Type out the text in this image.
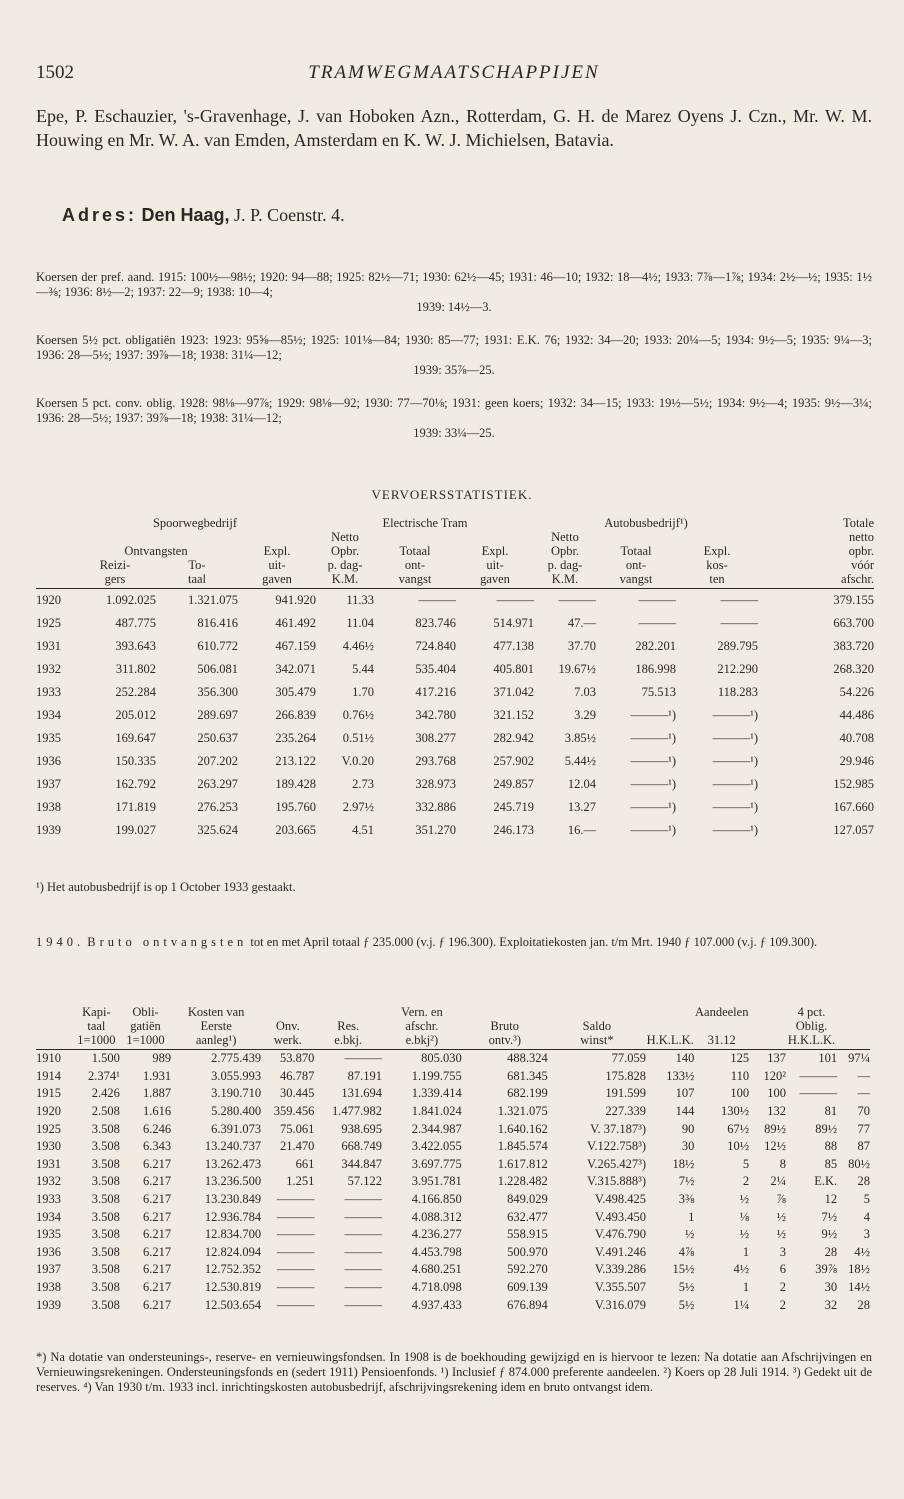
1502	TRAMWEGMAATSCHAPPIJEN
Epe, P. Eschauzier, 's-Gravenhage, J. van Hoboken Azn., Rotterdam, G. H. de Marez Oyens J. Czn., Mr. W. M. Houwing en Mr. W. A. van Emden, Amsterdam en K. W. J. Michielsen, Batavia.
Adres: Den Haag, J. P. Coenstr. 4.
Koersen der pref. aand. 1915: 100½—98½; 1920: 94—88; 1925: 82½—71; 1930: 62½—45; 1931: 46—10; 1932: 18—4½; 1933: 7⅞—1⅞; 1934: 2½—½; 1935: 1½—⅜; 1936: 8½—2; 1937: 22—9; 1938: 10—4;
1939: 14½—3.
Koersen 5½ pct. obligatiën 1923: 1923: 95⅝—85½; 1925: 101⅛—84; 1930: 85—77; 1931: E.K. 76; 1932: 34—20; 1933: 20¼—5; 1934: 9½—5; 1935: 9¼—3; 1936: 28—5½; 1937: 39⅞—18; 1938: 31¼—12;
1939: 35⅞—25.
Koersen 5 pct. conv. oblig. 1928: 98⅛—97⅞; 1929: 98⅛—92; 1930: 77—70⅛; 1931: geen koers; 1932: 34—15; 1933: 19½—5½; 1934: 9½—4; 1935: 9½—3¼; 1936: 28—5½; 1937: 39⅞—18; 1938: 31¼—12;
1939: 33¼—25.
VERVOERSSTATISTIEK.
	Spoorwegbedrijf			Electrische Tram			Autobusbedrijf¹)			Totale
				Netto			Netto			netto
	Ontvangsten		Expl.	Opbr.	Totaal	Expl.	Opbr.	Totaal	Expl.	opbr.
	Reizi-	To-	uit-	p. dag-	ont-	uit-	p. dag-	ont-	kos-	vóór
	gers	taal	gaven	K.M.	vangst	gaven	K.M.	vangst	ten	afschr.
1920	1.092.025	1.321.075	941.920	11.33	———	———	———	———	———	379.155
1925	487.775	816.416	461.492	11.04	823.746	514.971	47.—	———	———	663.700
1931	393.643	610.772	467.159	4.46½	724.840	477.138	37.70	282.201	289.795	383.720
1932	311.802	506.081	342.071	5.44	535.404	405.801	19.67½	186.998	212.290	268.320
1933	252.284	356.300	305.479	1.70	417.216	371.042	7.03	75.513	118.283	54.226
1934	205.012	289.697	266.839	0.76½	342.780	321.152	3.29	———¹)	———¹)	44.486
1935	169.647	250.637	235.264	0.51½	308.277	282.942	3.85½	———¹)	———¹)	40.708
1936	150.335	207.202	213.122	V.0.20	293.768	257.902	5.44½	———¹)	———¹)	29.946
1937	162.792	263.297	189.428	2.73	328.973	249.857	12.04	———¹)	———¹)	152.985
1938	171.819	276.253	195.760	2.97½	332.886	245.719	13.27	———¹)	———¹)	167.660
1939	199.027	325.624	203.665	4.51	351.270	246.173	16.—	———¹)	———¹)	127.057
¹) Het autobusbedrijf is op 1 October 1933 gestaakt.
1940. Bruto ontvangsten tot en met April totaal ƒ 235.000 (v.j. ƒ 196.300). Exploitatiekosten jan. t/m Mrt. 1940 ƒ 107.000 (v.j. ƒ 109.300).
	Kapi-	Obli-	Kosten van			Vern. en				Aandeelen		4 pct.	
	taal	gatiën	Eerste	Onv.	Res.	afschr.	Bruto	Saldo				Oblig.	
	1=1000	1=1000	aanleg¹)	werk.	e.bkj.	e.bkj²)	ontv.³)	winst*	H.K.L.K.	31.12		H.K.L.K.	
1910	1.500	989	2.775.439	53.870	———	805.030	488.324	77.059	140	125	137	101	97¼
1914	2.374¹	1.931	3.055.993	46.787	87.191	1.199.755	681.345	175.828	133½	110	120²	———	—
1915	2.426	1.887	3.190.710	30.445	131.694	1.339.414	682.199	191.599	107	100	100	———	—
1920	2.508	1.616	5.280.400	359.456	1.477.982	1.841.024	1.321.075	227.339	144	130½	132	81	70
1925	3.508	6.246	6.391.073	75.061	938.695	2.344.987	1.640.162	V. 37.187³)	90	67½	89½	89½	77
1930	3.508	6.343	13.240.737	21.470	668.749	3.422.055	1.845.574	V.122.758³)	30	10½	12½	88	87
1931	3.508	6.217	13.262.473	661	344.847	3.697.775	1.617.812	V.265.427³)	18½	5	8	85	80½
1932	3.508	6.217	13.236.500	1.251	57.122	3.951.781	1.228.482	V.315.888³)	7½	2	2¼	E.K.	28
1933	3.508	6.217	13.230.849	———	———	4.166.850	849.029	V.498.425	3⅜	½	⅞	12	5
1934	3.508	6.217	12.936.784	———	———	4.088.312	632.477	V.493.450	1	⅛	½	7½	4
1935	3.508	6.217	12.834.700	———	———	4.236.277	558.915	V.476.790	½	½	½	9½	3
1936	3.508	6.217	12.824.094	———	———	4.453.798	500.970	V.491.246	4⅞	1	3	28	4½
1937	3.508	6.217	12.752.352	———	———	4.680.251	592.270	V.339.286	15½	4½	6	39⅞	18½
1938	3.508	6.217	12.530.819	———	———	4.718.098	609.139	V.355.507	5½	1	2	30	14½
1939	3.508	6.217	12.503.654	———	———	4.937.433	676.894	V.316.079	5½	1¼	2	32	28
*) Na dotatie van ondersteunings-, reserve- en vernieuwingsfondsen. In 1908 is de boekhouding gewijzigd en is hiervoor te lezen: Na dotatie aan Afschrijvingen en Vernieuwingsrekeningen. Ondersteuningsfonds en (sedert 1911) Pensioenfonds. ¹) Inclusief ƒ 874.000 preferente aandeelen. ²) Koers op 28 Juli 1914. ³) Gedekt uit de reserves. ⁴) Van 1930 t/m. 1933 incl. inrichtingskosten autobusbedrijf, afschrijvingsrekening idem en bruto ontvangst idem.
